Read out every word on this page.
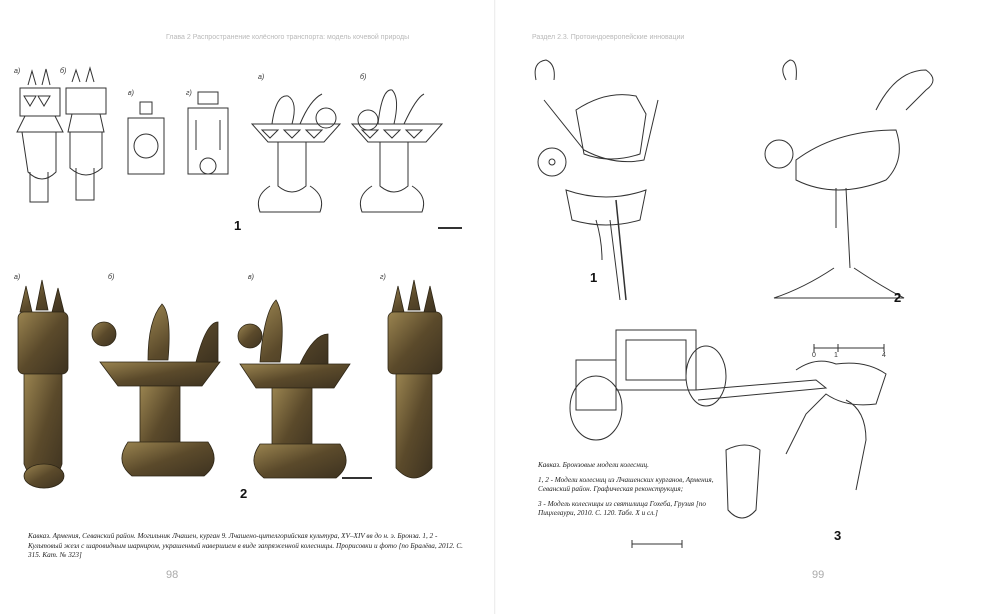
Глава 2 Распространение колёсного транспорта: модель кочевой природы
а)	б)
в)	г)
а)	б)
1
а)	б)	в)	г)
2
Кавказ. Армения, Севанский район. Могильник Лчашен, курган 9. Лчашено-цителгорийская культура, XV–XIV вв до н. э. Бронза. 1, 2 - Культовый жезл с шаровидным шарниром, украшенный навершием в виде запряженной колесницы. Прорисовки и фото [по Бралёва, 2012. С. 315. Кат. № 323]
98
Раздел 2.3. Протоиндоевропейские инновации
1
2
3
0	1	4

Кавказ. Бронзовые модели колесниц.

1, 2 - Модели колесниц из Лчашенских курганов, Армения, Севанский район. Графическая реконструкция;

3 - Модель колесницы из святилища Гохеба, Грузия [по Пицхелаури, 2010. С. 120. Табл. X и сл.]

99
